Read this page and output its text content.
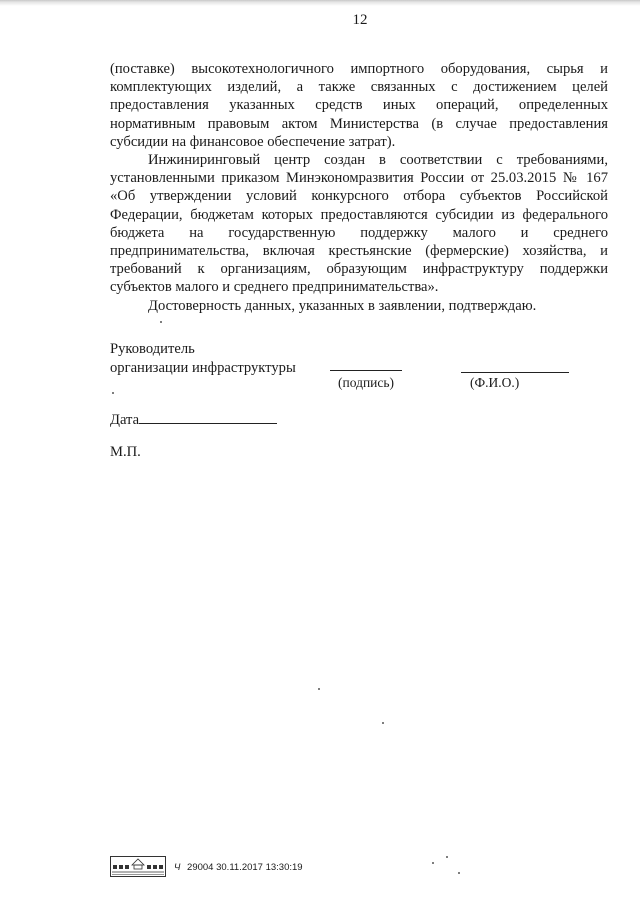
12

(поставке) высокотехнологичного импортного оборудования, сырья и комплектующих изделий, а также связанных с достижением целей предоставления указанных средств иных операций, определенных нормативным правовым актом Министерства (в случае предоставления субсидии на финансовое обеспечение затрат).

Инжиниринговый центр создан в соответствии с требованиями, установленными приказом Минэкономразвития России от 25.03.2015 № 167 «Об утверждении условий конкурсного отбора субъектов Российской Федерации, бюджетам которых предоставляются субсидии из федерального бюджета на государственную поддержку малого и среднего предпринимательства, включая крестьянские (фермерские) хозяйства, и требований к организациям, образующим инфраструктуру поддержки субъектов малого и среднего предпринимательства».

Достоверность данных, указанных в заявлении, подтверждаю.

Руководитель
организации инфраструктуры
(подпись)	(Ф.И.О.)
Дата
М.П.
Ч 29004 30.11.2017 13:30:19
